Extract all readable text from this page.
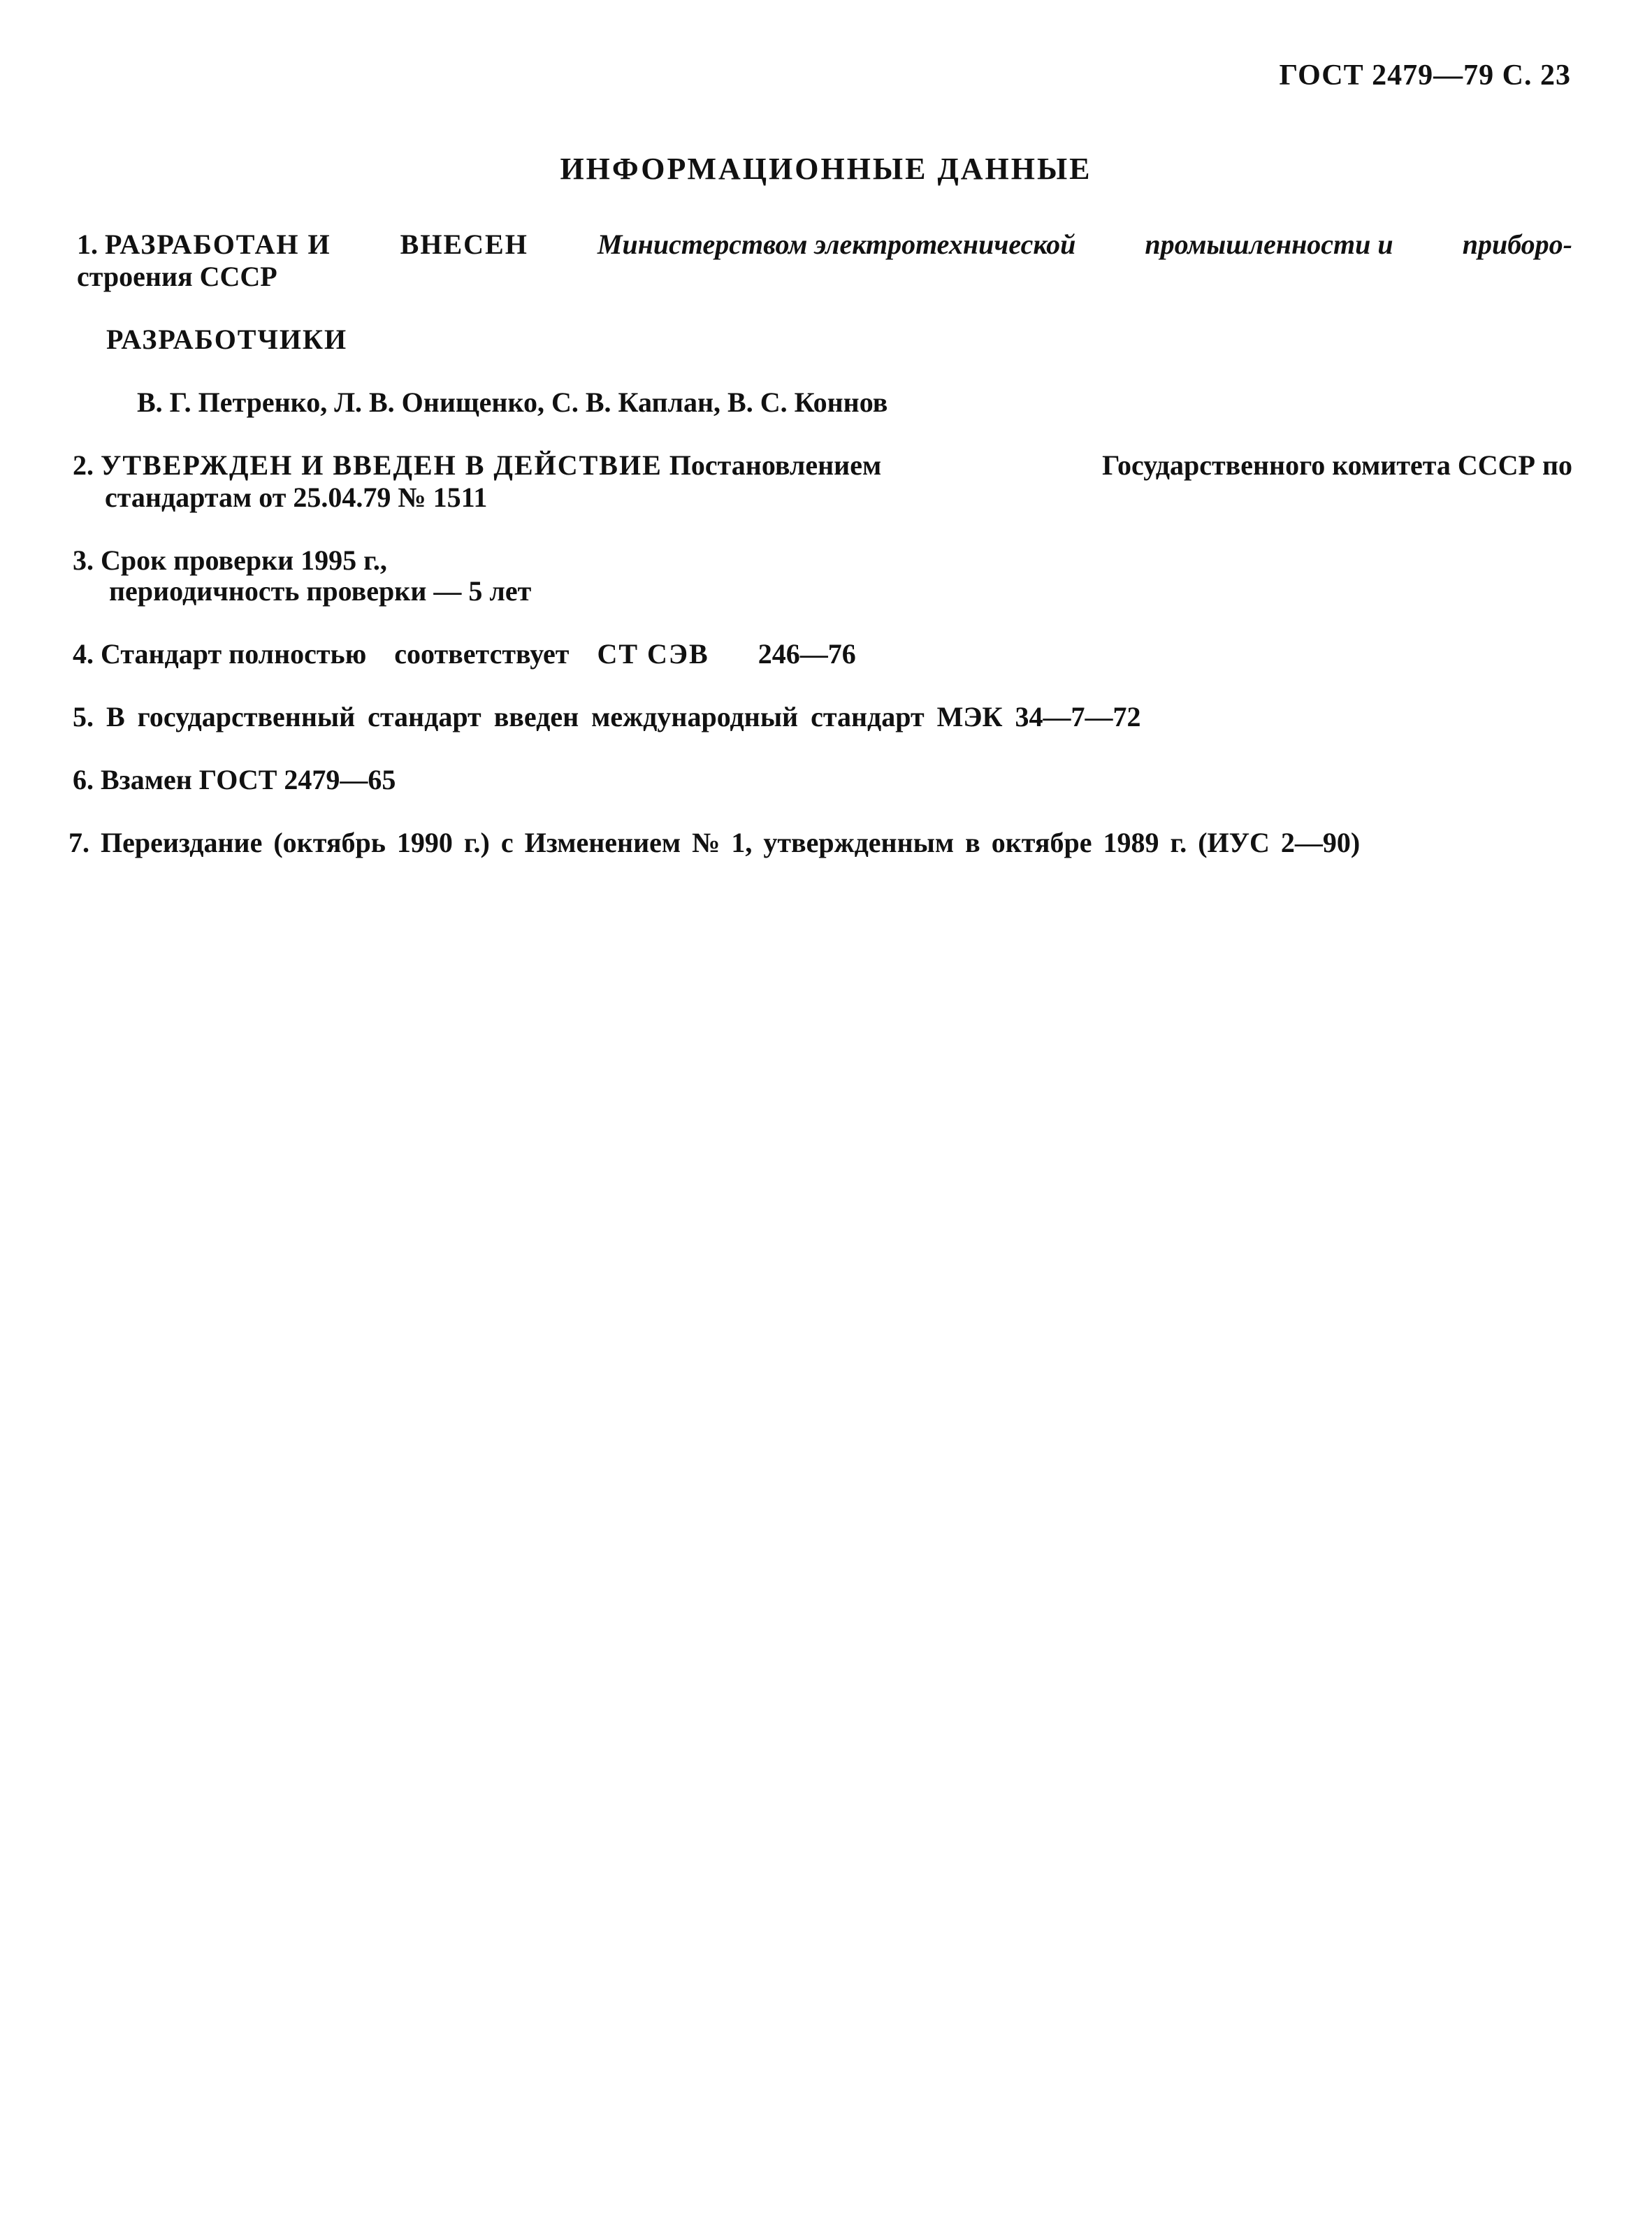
ГОСТ 2479—79 С. 23
ИНФОРМАЦИОННЫЕ ДАННЫЕ
1. РАЗРАБОТАН И ВНЕСЕН Министерством электротехнической промышленности и приборо-
строения СССР
РАЗРАБОТЧИКИ
В. Г. Петренко, Л. В. Онищенко, С. В. Каплан, В. С. Коннов
2. УТВЕРЖДЕН И ВВЕДЕН В ДЕЙСТВИЕ Постановлением	Государственного комитета СССР по
стандартам от 25.04.79 № 1511
3. Срок проверки 1995 г.,
периодичность проверки — 5 лет
4. Стандарт полностью соответствует СТ СЭВ 246—76
5. В государственный стандарт введен международный стандарт МЭК 34—7—72
6. Взамен ГОСТ 2479—65
7. Переиздание (октябрь 1990 г.) с Изменением № 1, утвержденным в октябре 1989 г. (ИУС 2—90)
